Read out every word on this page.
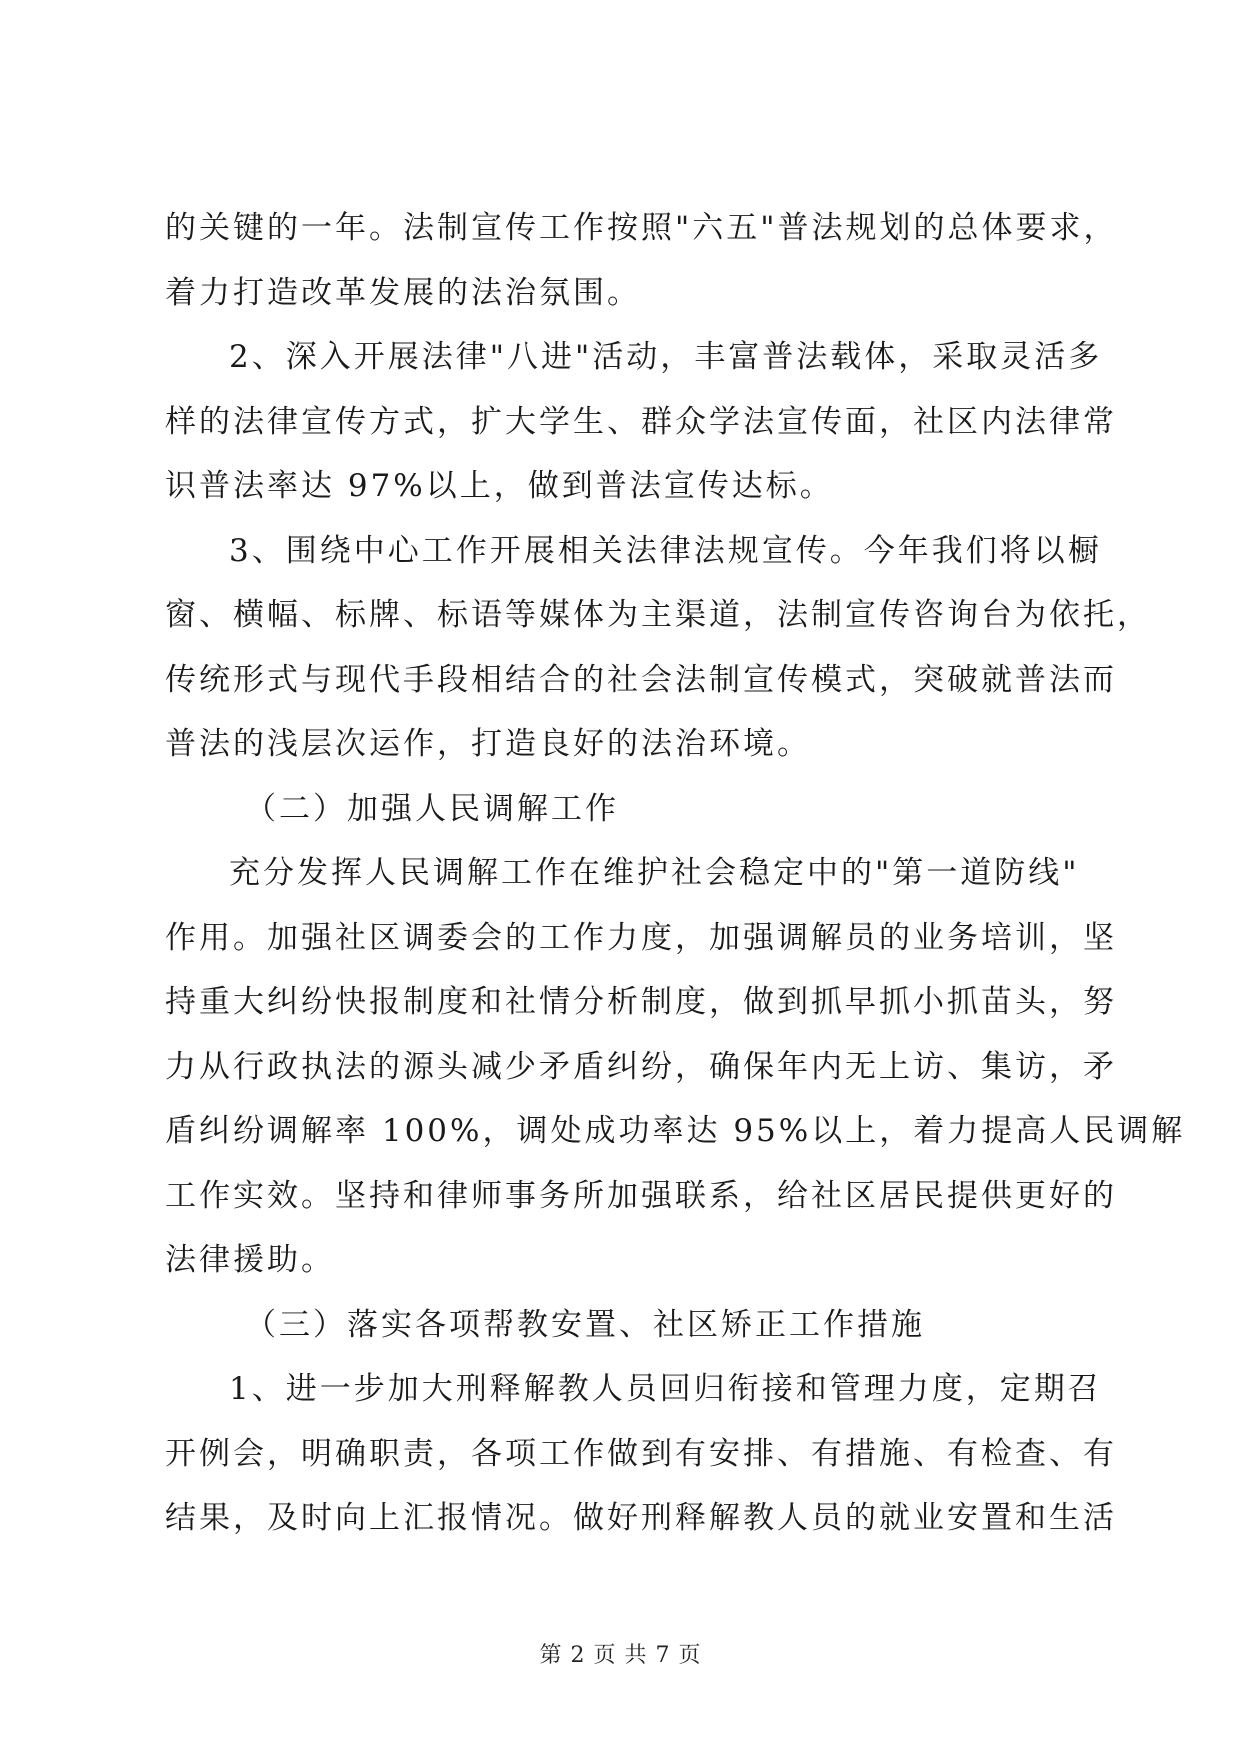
的关键的一年。法制宣传工作按照"六五"普法规划的总体要求，
着力打造改革发展的法治氛围。
2、深入开展法律"八进"活动，丰富普法载体，采取灵活多
样的法律宣传方式，扩大学生、群众学法宣传面，社区内法律常
识普法率达 97%以上，做到普法宣传达标。
3、围绕中心工作开展相关法律法规宣传。今年我们将以橱
窗、横幅、标牌、标语等媒体为主渠道，法制宣传咨询台为依托，
传统形式与现代手段相结合的社会法制宣传模式，突破就普法而
普法的浅层次运作，打造良好的法治环境。
（二）加强人民调解工作
充分发挥人民调解工作在维护社会稳定中的"第一道防线"
作用。加强社区调委会的工作力度，加强调解员的业务培训，坚
持重大纠纷快报制度和社情分析制度，做到抓早抓小抓苗头，努
力从行政执法的源头减少矛盾纠纷，确保年内无上访、集访，矛
盾纠纷调解率 100%，调处成功率达 95%以上，着力提高人民调解
工作实效。坚持和律师事务所加强联系，给社区居民提供更好的
法律援助。
（三）落实各项帮教安置、社区矫正工作措施
1、进一步加大刑释解教人员回归衔接和管理力度，定期召
开例会，明确职责，各项工作做到有安排、有措施、有检查、有
结果，及时向上汇报情况。做好刑释解教人员的就业安置和生活
第 2 页 共 7 页
